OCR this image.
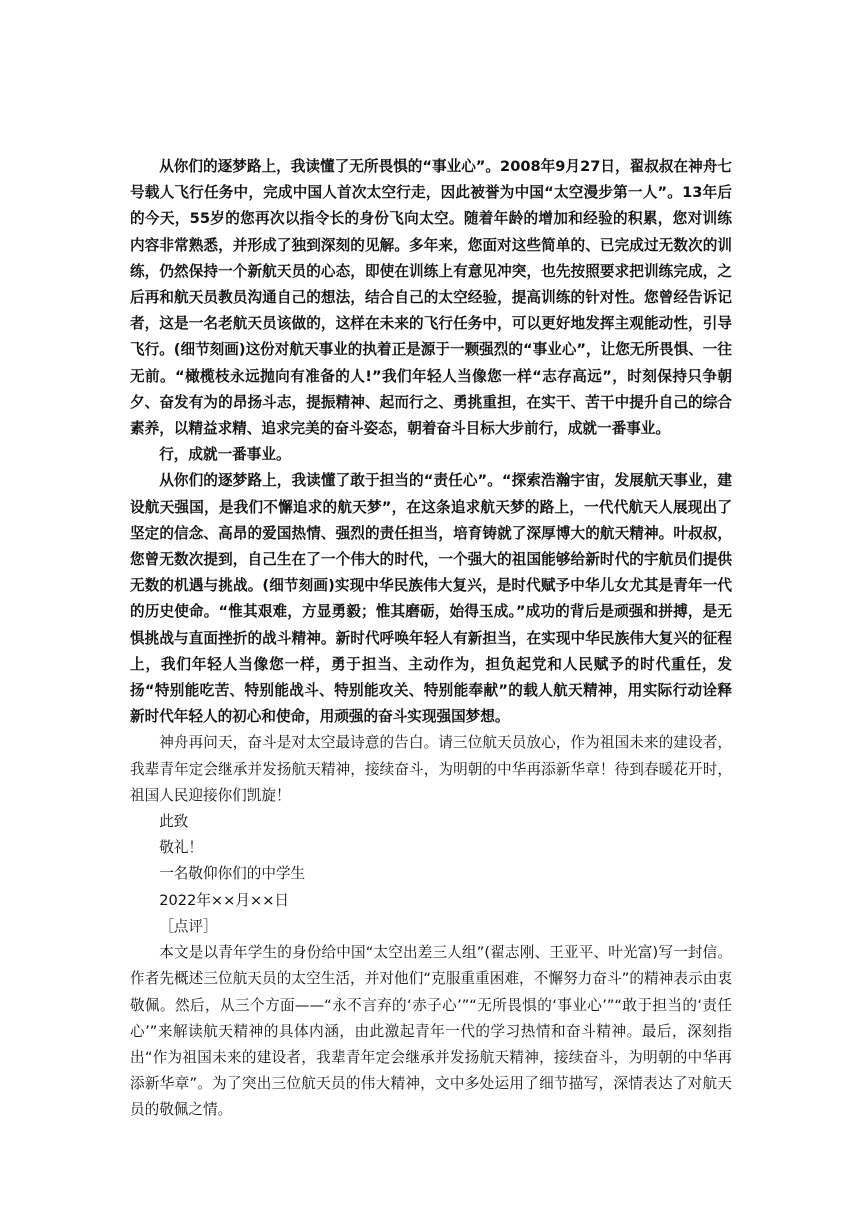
从你们的逐梦路上，我读懂了无所畏惧的“事业心”。2008年9月27日，翟叔叔在神舟七号载人飞行任务中，完成中国人首次太空行走，因此被誉为中国“太空漫步第一人”。13年后的今天，55岁的您再次以指令长的身份飞向太空。随着年龄的增加和经验的积累，您对训练内容非常熟悉，并形成了独到深刻的见解。多年来，您面对这些简单的、已完成过无数次的训练，仍然保持一个新航天员的心态，即使在训练上有意见冲突，也先按照要求把训练完成，之后再和航天员教员沟通自己的想法，结合自己的太空经验，提高训练的针对性。您曾经告诉记者，这是一名老航天员该做的，这样在未来的飞行任务中，可以更好地发挥主观能动性，引导飞行。(细节刻画)这份对航天事业的执着正是源于一颗强烈的“事业心”，让您无所畏惧、一往无前。“橄榄枝永远抛向有准备的人!”我们年轻人当像您一样“志存高远”，时刻保持只争朝夕、奋发有为的昂扬斗志，提振精神、起而行之、勇挑重担，在实干、苦干中提升自己的综合素养，以精益求精、追求完美的奋斗姿态，朝着奋斗目标大步前行，成就一番事业。

行，成就一番事业。

从你们的逐梦路上，我读懂了敢于担当的“责任心”。“探索浩瀚宇宙，发展航天事业，建设航天强国，是我们不懈追求的航天梦”，在这条追求航天梦的路上，一代代航天人展现出了坚定的信念、高昂的爱国热情、强烈的责任担当，培育铸就了深厚博大的航天精神。叶叔叔，您曾无数次提到，自己生在了一个伟大的时代，一个强大的祖国能够给新时代的宇航员们提供无数的机遇与挑战。(细节刻画)实现中华民族伟大复兴，是时代赋予中华儿女尤其是青年一代的历史使命。“惟其艰难，方显勇毅；惟其磨砺，始得玉成。”成功的背后是顽强和拼搏，是无惧挑战与直面挫折的战斗精神。新时代呼唤年轻人有新担当，在实现中华民族伟大复兴的征程上，我们年轻人当像您一样，勇于担当、主动作为，担负起党和人民赋予的时代重任，发扬“特别能吃苦、特别能战斗、特别能攻关、特别能奉献”的载人航天精神，用实际行动诠释新时代年轻人的初心和使命，用顽强的奋斗实现强国梦想。

神舟再问天，奋斗是对太空最诗意的告白。请三位航天员放心，作为祖国未来的建设者，我辈青年定会继承并发扬航天精神，接续奋斗，为明朝的中华再添新华章！待到春暖花开时，祖国人民迎接你们凯旋！

此致

敬礼！

一名敬仰你们的中学生

2022年××月××日

［点评］

本文是以青年学生的身份给中国“太空出差三人组”(翟志刚、王亚平、叶光富)写一封信。作者先概述三位航天员的太空生活，并对他们“克服重重困难，不懈努力奋斗”的精神表示由衷敬佩。然后，从三个方面——“永不言弃的‘赤子心’”“无所畏惧的‘事业心’”“敢于担当的‘责任心’”来解读航天精神的具体内涵，由此激起青年一代的学习热情和奋斗精神。最后，深刻指出“作为祖国未来的建设者，我辈青年定会继承并发扬航天精神，接续奋斗，为明朝的中华再添新华章”。为了突出三位航天员的伟大精神，文中多处运用了细节描写，深情表达了对航天员的敬佩之情。
